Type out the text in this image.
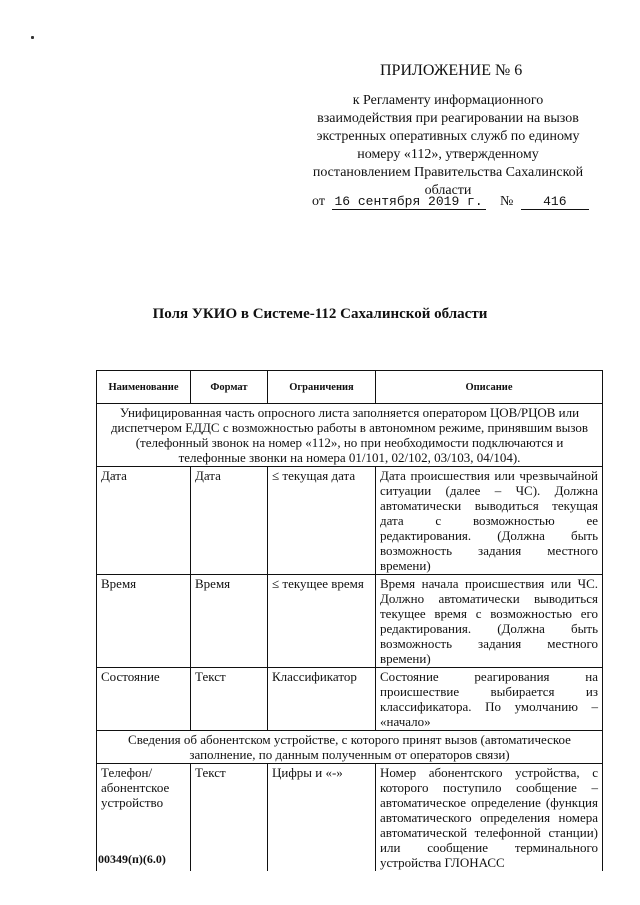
ПРИЛОЖЕНИЕ № 6
к Регламенту информационного
взаимодействия при реагировании на вызов
экстренных оперативных служб по единому
номеру «112», утвержденному
постановлением Правительства Сахалинской
области
от 16 сентября 2019 г. № 416
Поля УКИО в Системе-112 Сахалинской области
Наименование	Формат	Ограничения	Описание
Унифицированная часть опросного листа заполняется оператором ЦОВ/РЦОВ или диспетчером ЕДДС с возможностью работы в автономном режиме, принявшим вызов (телефонный звонок на номер «112», но при необходимости подключаются и телефонные звонки на номера 01/101, 02/102, 03/103, 04/104).			
Дата	Дата	≤ текущая дата	Дата происшествия или чрезвычайной ситуации (далее – ЧС). Должна автоматически выводиться текущая дата с возможностью ее редактирования. (Должна быть возможность задания местного времени)
Время	Время	≤ текущее время	Время начала происшествия или ЧС. Должно автоматически выводиться текущее время с возможностью его редактирования. (Должна быть возможность задания местного времени)
Состояние	Текст	Классификатор	Состояние реагирования на происшествие выбирается из классификатора. По умолчанию – «начало»
Сведения об абонентском устройстве, с которого принят вызов (автоматическое заполнение, по данным полученным от операторов связи)			
Телефон/ абонентское устройство	Текст	Цифры и «-»	Номер абонентского устройства, с которого поступило сообщение – автоматическое определение (функция автоматического определения номера автоматической телефонной станции) или сообщение терминального устройства ГЛОНАСС
00349(п)(6.0)
